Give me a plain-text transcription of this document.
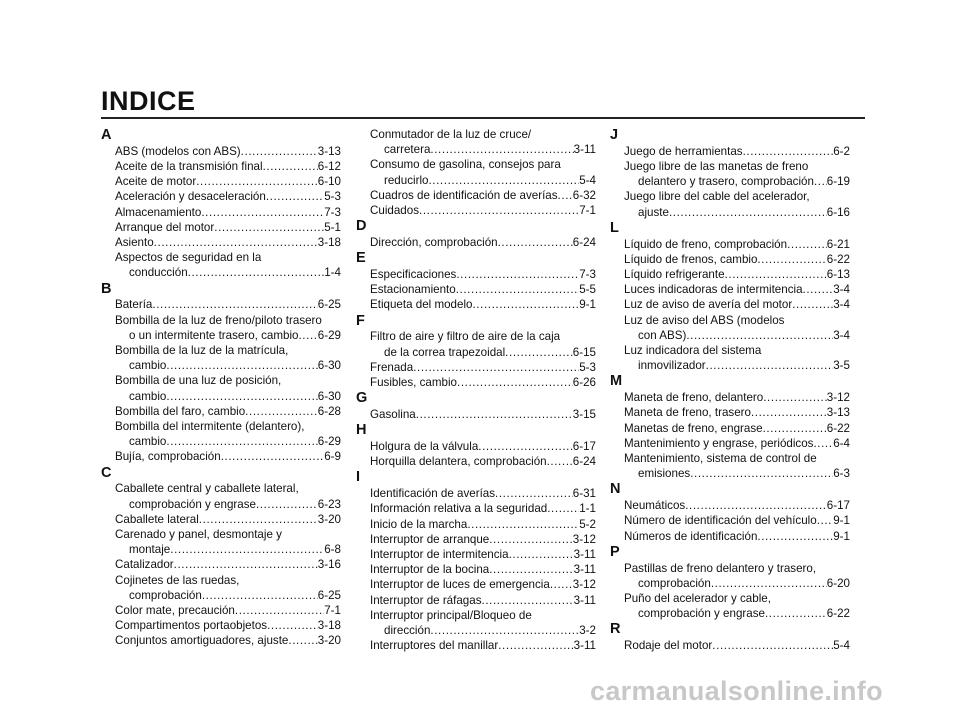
INDICE
A
ABS (modelos con ABS) .....	3-13
Aceite de la transmisión final .....	6-12
Aceite de motor .....	6-10
Aceleración y desaceleración .....	5-3
Almacenamiento .....	7-3
Arranque del motor .....	5-1
Asiento .....	3-18
Aspectos de seguridad en la
conducción .....	1-4
B
Batería .....	6-25
Bombilla de la luz de freno/piloto trasero
o un intermitente trasero, cambio ..... 6-29
Bombilla de la luz de la matrícula,
cambio .....	6-30
Bombilla de una luz de posición,
cambio .....	6-30
Bombilla del faro, cambio .....	6-28
Bombilla del intermitente (delantero),
cambio .....	6-29
Bujía, comprobación .....	6-9
C
Caballete central y caballete lateral,
comprobación y engrase .....	6-23
Caballete lateral .....	3-20
Carenado y panel, desmontaje y
montaje .....	6-8
Catalizador .....	3-16
Cojinetes de las ruedas,
comprobación .....	6-25
Color mate, precaución .....	7-1
Compartimentos portaobjetos .....	3-18
Conjuntos amortiguadores, ajuste .....	3-20
Conmutador de la luz de cruce/
carretera .....	3-11
Consumo de gasolina, consejos para
reducirlo .....	5-4
Cuadros de identificación de averías ..... 6-32
Cuidados .....	7-1
D
Dirección, comprobación .....	6-24
E
Especificaciones .....	7-3
Estacionamiento .....	5-5
Etiqueta del modelo .....	9-1
F
Filtro de aire y filtro de aire de la caja
de la correa trapezoidal .....	6-15
Frenada .....	5-3
Fusibles, cambio .....	6-26
G
Gasolina .....	3-15
H
Holgura de la válvula .....	6-17
Horquilla delantera, comprobación ..... 6-24
I
Identificación de averías .....	6-31
Información relativa a la seguridad .....	1-1
Inicio de la marcha .....	5-2
Interruptor de arranque .....	3-12
Interruptor de intermitencia .....	3-11
Interruptor de la bocina .....	3-11
Interruptor de luces de emergencia ..... 3-12
Interruptor de ráfagas .....	3-11
Interruptor principal/Bloqueo de
dirección .....	3-2
Interruptores del manillar .....	3-11
J
Juego de herramientas .....	6-2
Juego libre de las manetas de freno
delantero y trasero, comprobación ..... 6-19
Juego libre del cable del acelerador,
ajuste .....	6-16
L
Líquido de freno, comprobación .....	6-21
Líquido de frenos, cambio .....	6-22
Líquido refrigerante .....	6-13
Luces indicadoras de intermitencia .....	3-4
Luz de aviso de avería del motor .....	3-4
Luz de aviso del ABS (modelos
con ABS) .....	3-4
Luz indicadora del sistema
inmovilizador .....	3-5
M
Maneta de freno, delantero .....	3-12
Maneta de freno, trasero .....	3-13
Manetas de freno, engrase .....	6-22
Mantenimiento y engrase, periódicos ..... 6-4
Mantenimiento, sistema de control de
emisiones .....	6-3
N
Neumáticos .....	6-17
Número de identificación del vehículo ..... 9-1
Números de identificación .....	9-1
P
Pastillas de freno delantero y trasero,
comprobación .....	6-20
Puño del acelerador y cable,
comprobación y engrase .....	6-22
R
Rodaje del motor .....	5-4
carmanualsonline.info
